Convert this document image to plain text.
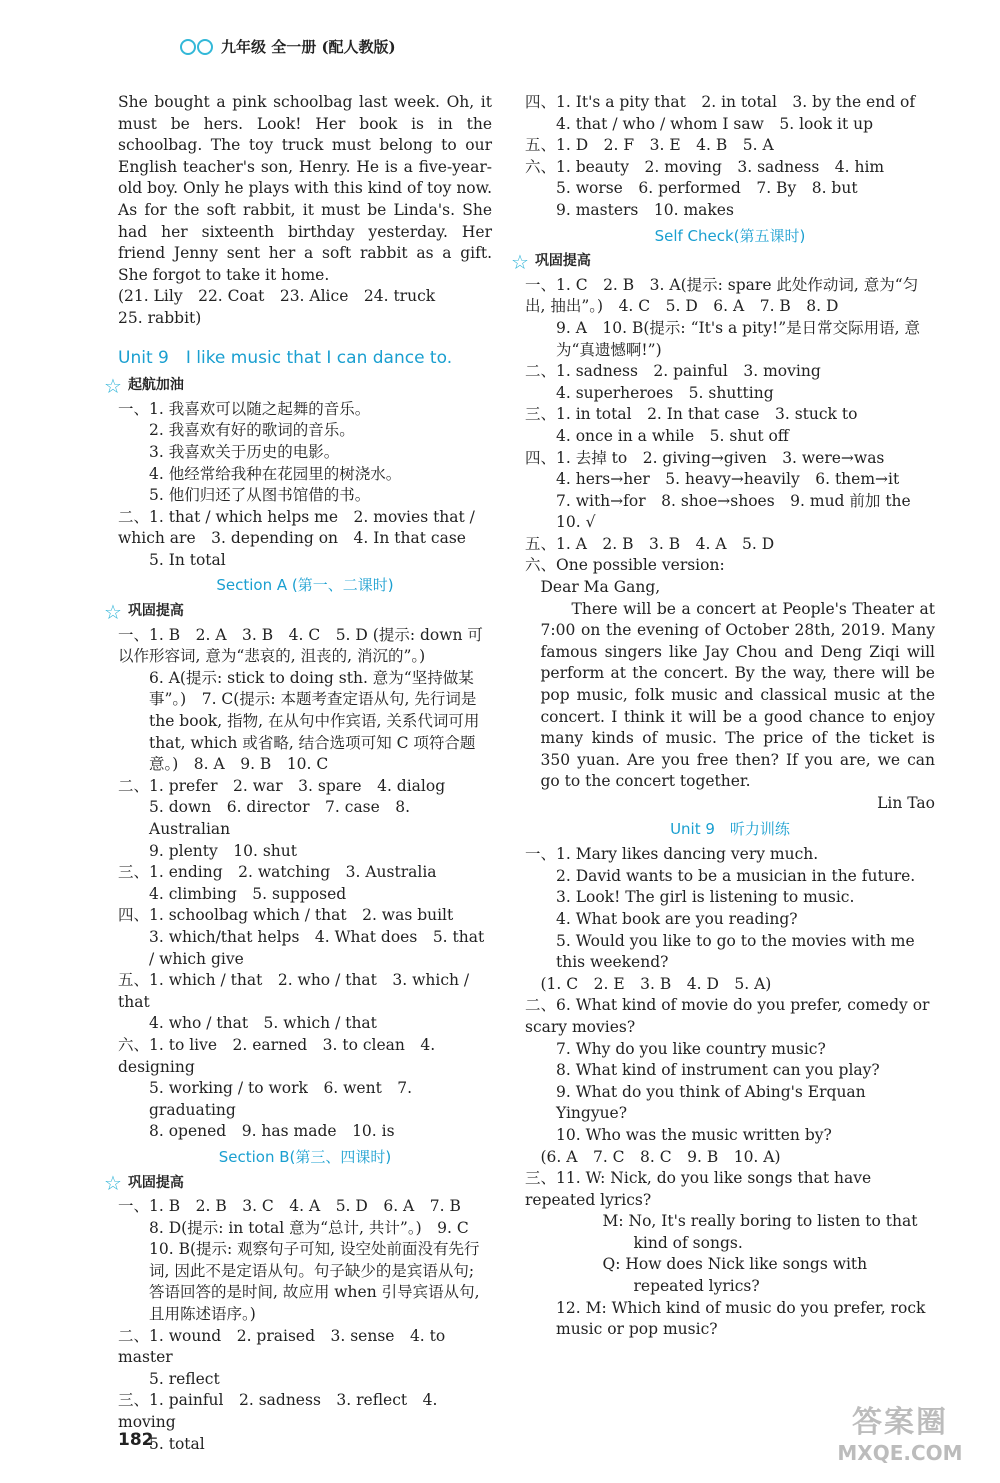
九年级 全一册 (配人教版)

She bought a pink schoolbag last week. Oh, it must be hers. Look! Her book is in the schoolbag. The toy truck must belong to our English teacher's son, Henry. He is a five-year-old boy. Only he plays with this kind of toy now. As for the soft rabbit, it must be Linda's. She had her sixteenth birthday yesterday. Her friend Jenny sent her a soft rabbit as a gift. She forgot to take it home.

(21. Lily　22. Coat　23. Alice　24. truck

25. rabbit)

Unit 9　I like music that I can dance to.
☆ 起航加油

一、1. 我喜欢可以随之起舞的音乐。

2. 我喜欢有好的歌词的音乐。

3. 我喜欢关于历史的电影。

4. 他经常给我种在花园里的树浇水。

5. 他们归还了从图书馆借的书。

二、1. that / which helps me　2. movies that / which are　3. depending on　4. In that case

5. In total

Section A (第一、二课时)
☆ 巩固提高

一、1. B　2. A　3. B　4. C　5. D (提示: down 可以作形容词, 意为“悲哀的, 沮丧的, 消沉的”。)

6. A(提示: stick to doing sth. 意为“坚持做某事”。)　7. C(提示: 本题考查定语从句, 先行词是 the book, 指物, 在从句中作宾语, 关系代词可用 that, which 或省略, 结合选项可知 C 项符合题意。)　8. A　9. B　10. C

二、1. prefer　2. war　3. spare　4. dialog

5. down　6. director　7. case　8. Australian

9. plenty　10. shut

三、1. ending　2. watching　3. Australia

4. climbing　5. supposed

四、1. schoolbag which / that　2. was built

3. which/that helps　4. What does　5. that / which give

五、1. which / that　2. who / that　3. which / that

4. who / that　5. which / that

六、1. to live　2. earned　3. to clean　4. designing

5. working / to work　6. went　7. graduating

8. opened　9. has made　10. is

Section B(第三、四课时)
☆ 巩固提高

一、1. B　2. B　3. C　4. A　5. D　6. A　7. B

8. D(提示: in total 意为“总计, 共计”。)　9. C

10. B(提示: 观察句子可知, 设空处前面没有先行词, 因此不是定语从句。句子缺少的是宾语从句; 答语回答的是时间, 故应用 when 引导宾语从句, 且用陈述语序。)

二、1. wound　2. praised　3. sense　4. to master

5. reflect

三、1. painful　2. sadness　3. reflect　4. moving

5. total

四、1. It's a pity that　2. in total　3. by the end of

4. that / who / whom I saw　5. look it up

五、1. D　2. F　3. E　4. B　5. A

六、1. beauty　2. moving　3. sadness　4. him

5. worse　6. performed　7. By　8. but

9. masters　10. makes

Self Check(第五课时)
☆ 巩固提高

一、1. C　2. B　3. A(提示: spare 此处作动词, 意为“匀出, 抽出”。)　4. C　5. D　6. A　7. B　8. D

9. A　10. B(提示: “It's a pity!”是日常交际用语, 意为“真遗憾啊!”)

二、1. sadness　2. painful　3. moving

4. superheroes　5. shutting

三、1. in total　2. In that case　3. stuck to

4. once in a while　5. shut off

四、1. 去掉 to　2. giving→given　3. were→was

4. hers→her　5. heavy→heavily　6. them→it

7. with→for　8. shoe→shoes　9. mud 前加 the

10. √

五、1. A　2. B　3. B　4. A　5. D

六、One possible version:

Dear Ma Gang,

There will be a concert at People's Theater at 7:00 on the evening of October 28th, 2019. Many famous singers like Jay Chou and Deng Ziqi will perform at the concert. By the way, there will be pop music, folk music and classical music at the concert. I think it will be a good chance to enjoy many kinds of music. The price of the ticket is 350 yuan. Are you free then? If you are, we can go to the concert together.

Lin Tao

Unit 9　听力训练

一、1. Mary likes dancing very much.

2. David wants to be a musician in the future.

3. Look! The girl is listening to music.

4. What book are you reading?

5. Would you like to go to the movies with me this weekend?

(1. C　2. E　3. B　4. D　5. A)

二、6. What kind of movie do you prefer, comedy or scary movies?

7. Why do you like country music?

8. What kind of instrument can you play?

9. What do you think of Abing's Erquan Yingyue?

10. Who was the music written by?

(6. A　7. C　8. C　9. B　10. A)

三、11. W: Nick, do you like songs that have repeated lyrics?

M: No, It's really boring to listen to that kind of songs.

Q: How does Nick like songs with repeated lyrics?

12. M: Which kind of music do you prefer, rock music or pop music?

182	答案圈
MXQE.COM
